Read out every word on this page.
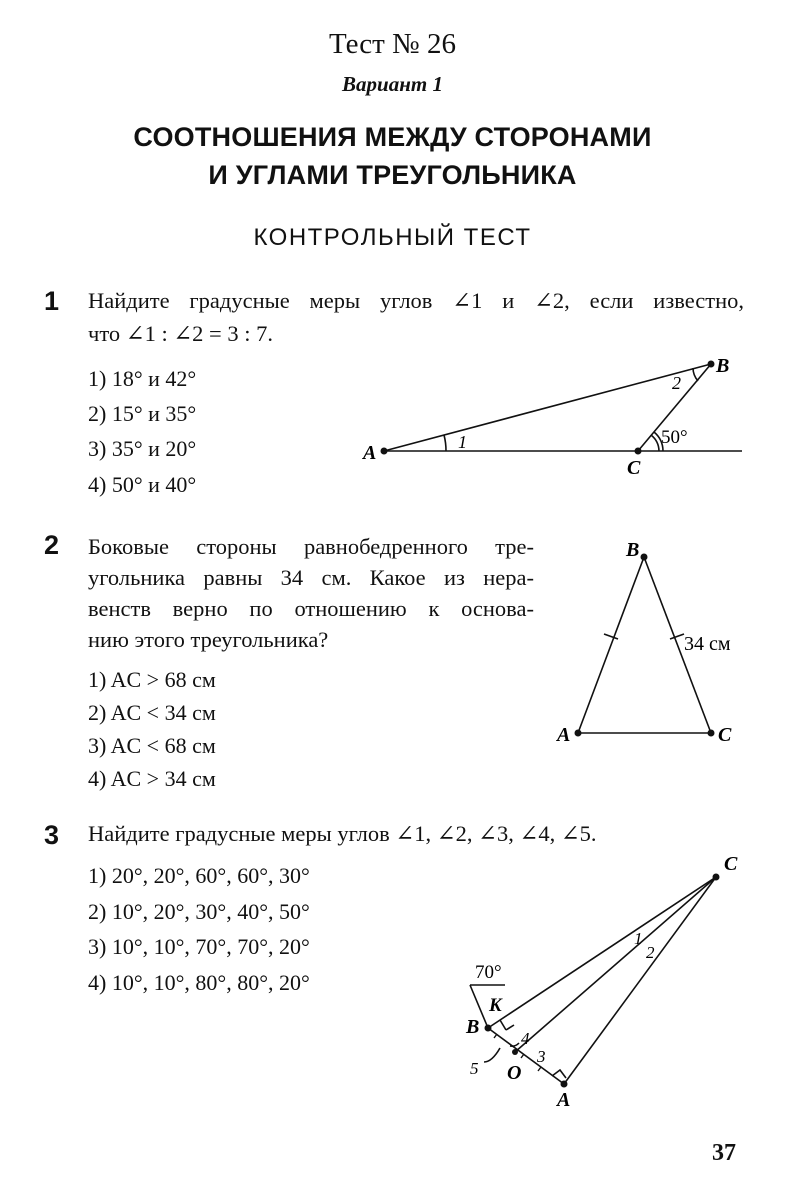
Тест № 26
Вариант 1
СООТНОШЕНИЯ МЕЖДУ СТОРОНАМИ
И УГЛАМИ ТРЕУГОЛЬНИКА
КОНТРОЛЬНЫЙ ТЕСТ
1 Найдите градусные меры углов ∠1 и ∠2, если известно,
что ∠1 : ∠2 = 3 : 7.
1) 18° и 42°
2) 15° и 35°
3) 35° и 20°
4) 50° и 40°
A
B
C
1
2
50°
2 Боковые стороны равнобедренного тре-
угольника равны 34 см. Какое из нера-
венств верно по отношению к основа-
нию этого треугольника?
1) AC > 68 см
2) AC < 34 см
3) AC < 68 см
4) AC > 34 см
B
A	C
34 см
3 Найдите градусные меры углов ∠1, ∠2, ∠3, ∠4, ∠5.
1) 20°, 20°, 60°, 60°, 30°
2) 10°, 20°, 30°, 40°, 50°
3) 10°, 10°, 70°, 70°, 20°
4) 10°, 10°, 80°, 80°, 20°
C
B
A
K
O
1
2
3
4
5
70°
37
